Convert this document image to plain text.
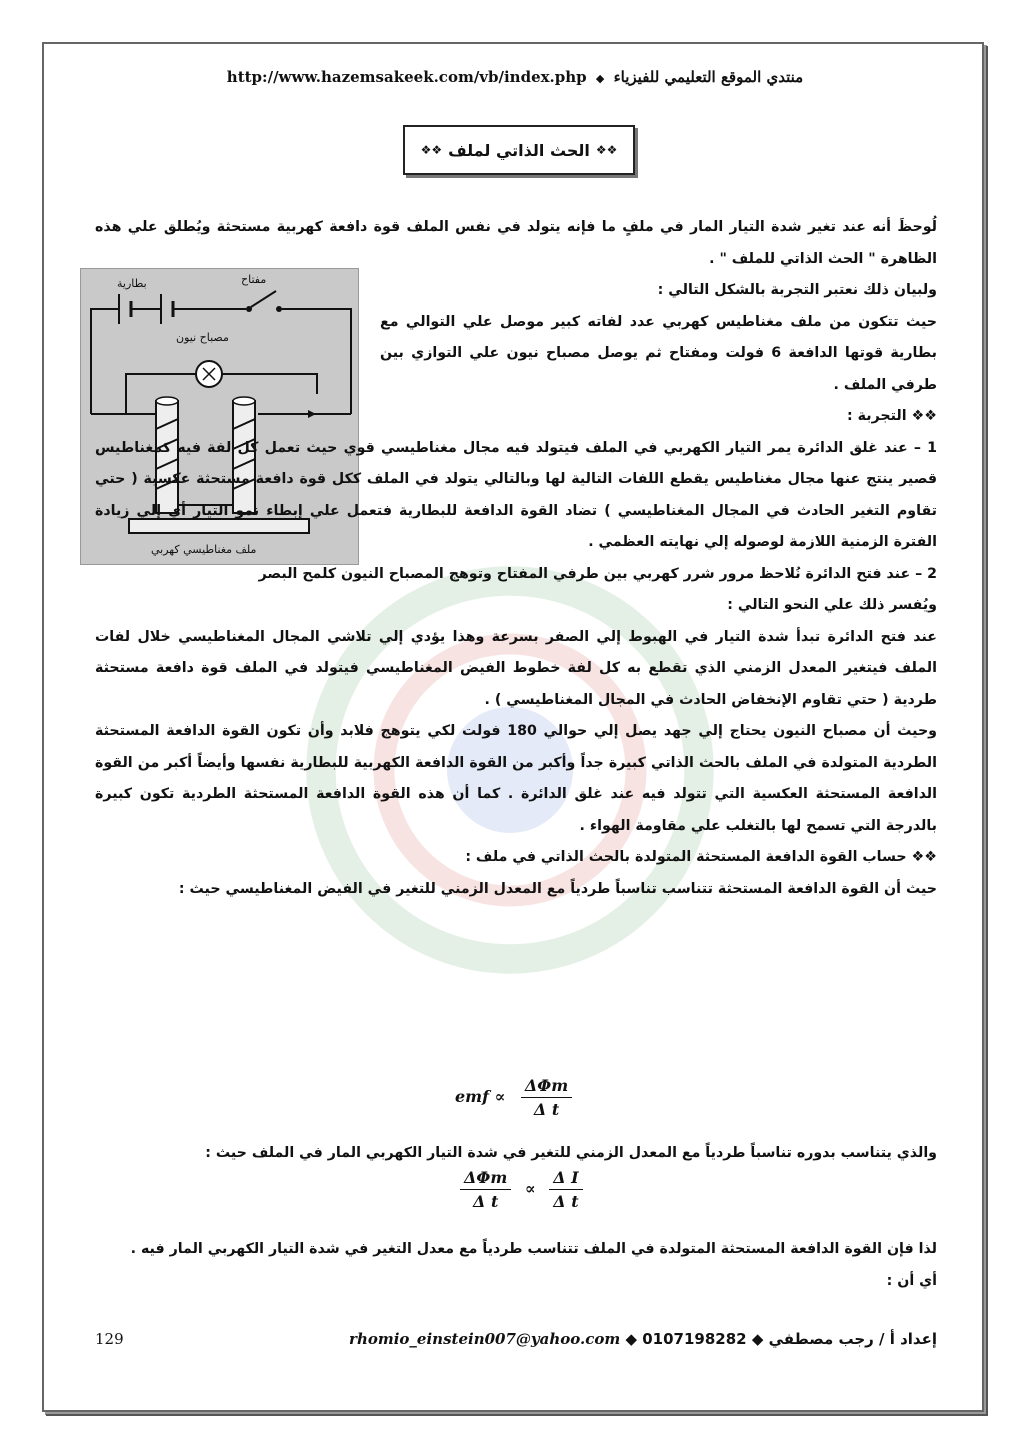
http://www.hazemsakeek.com/vb/index.php ◆ منتدي الموقع التعليمي للفيزياء
❖❖
الحث الذاتي لملف
❖❖
بطارية	مفتاح
مصباح نيون
ملف مغناطيسي كهربي

لُوحظَ أنه عند تغير شدة التيار المار في ملفٍ ما فإنه يتولد في نفس الملف قوة دافعة كهربية مستحثة ويُطلق علي هذه الظاهرة " الحث الذاتي للملف " .

ولبيان ذلك نعتبر التجربة بالشكل التالي :

حيث تتكون من ملف مغناطيس كهربي عدد لفاته كبير موصل علي التوالي مع بطارية قوتها الدافعة 6 فولت ومفتاح ثم يوصل مصباح نيون علي التوازي بين طرفي الملف .

❖❖ التجربة :

1 – عند غلق الدائرة يمر التيار الكهربي في الملف فيتولد فيه مجال مغناطيسي قوي حيث تعمل كل لفة فيه كمغناطيس قصير ينتج عنها مجال مغناطيس يقطع اللفات التالية لها وبالتالي يتولد في الملف ككل قوة دافعة مستحثة عكسية ( حتي تقاوم التغير الحادث في المجال المغناطيسي ) تضاد القوة الدافعة للبطارية فتعمل علي إبطاء نمو التيار أي إلي زيادة الفترة الزمنية اللازمة لوصوله إلي نهايته العظمي .

2 – عند فتح الدائرة نُلاحظ مرور شرر كهربي بين طرفي المفتاح وتوهج المصباح النيون كلمح البصر

ويُفسر ذلك علي النحو التالي :

عند فتح الدائرة تبدأ شدة التيار في الهبوط إلي الصفر بسرعة وهذا يؤدي إلي تلاشي المجال المغناطيسي خلال لفات الملف فيتغير المعدل الزمني الذي تقطع به كل لفة خطوط الفيض المغناطيسي فيتولد في الملف قوة دافعة مستحثة طردية ( حتي تقاوم الإنخفاض الحادث في المجال المغناطيسي ) .

وحيث أن مصباح النيون يحتاج إلي جهد يصل إلي حوالي 180 فولت لكي يتوهج فلابد وأن تكون القوة الدافعة المستحثة الطردية المتولدة في الملف بالحث الذاتي كبيرة جداً وأكبر من القوة الدافعة الكهربية للبطارية نفسها وأيضاً أكبر من القوة الدافعة المستحثة العكسية التي تتولد فيه عند غلق الدائرة . كما أن هذه القوة الدافعة المستحثة الطردية تكون كبيرة بالدرجة التي تسمح لها بالتغلب علي مقاومة الهواء .

❖❖ حساب القوة الدافعة المستحثة المتولدة بالحث الذاتي في ملف :

حيث أن القوة الدافعة المستحثة تتناسب تناسباً طردياً مع المعدل الزمني للتغير في الفيض المغناطيسي حيث :

emf ∝ $\frac{\text{ΔΦm}}{\text{Δ t}}$

والذي يتناسب بدوره تناسباً طردياً مع المعدل الزمني للتغير في شدة التيار الكهربي المار في الملف حيث :

$\frac{\text{ΔΦm}}{\text{Δ t}} \propto \frac{\text{Δ I}}{\text{Δ t}}$

لذا فإن القوة الدافعة المستحثة المتولدة في الملف تتناسب طردياً مع معدل التغير في شدة التيار الكهربي المار فيه .

أي أن :

129	إعداد أ / رجب مصطفي ◆ 0107198282 ◆ rhomio_einstein007@yahoo.com
